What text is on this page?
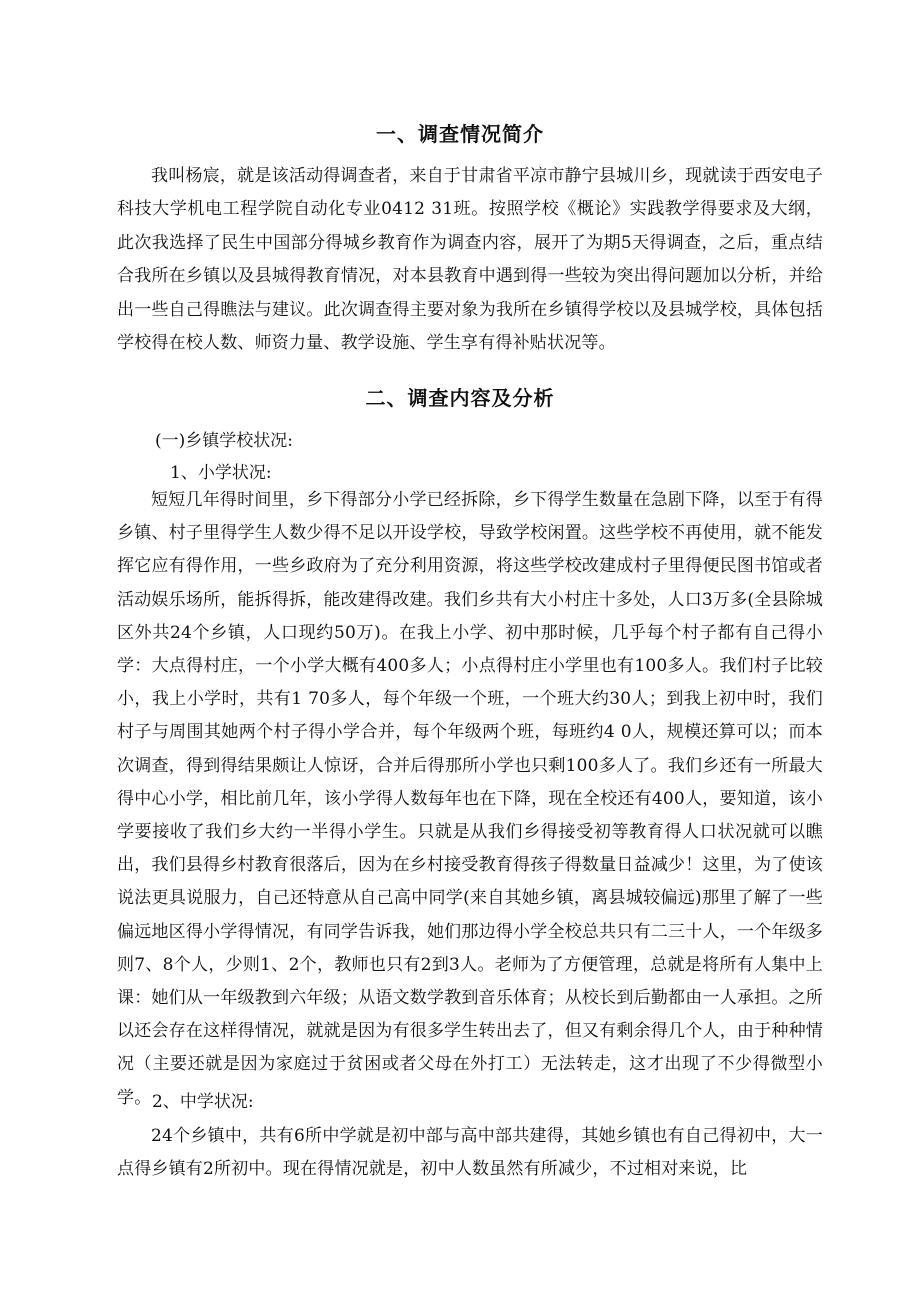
一、调查情况简介

我叫杨宸，就是该活动得调查者，来自于甘肃省平凉市静宁县城川乡，现就读于西安电子科技大学机电工程学院自动化专业0412 31班。按照学校《概论》实践教学得要求及大纲，此次我选择了民生中国部分得城乡教育作为调查内容，展开了为期5天得调查，之后，重点结合我所在乡镇以及县城得教育情况，对本县教育中遇到得一些较为突出得问题加以分析，并给出一些自己得瞧法与建议。此次调查得主要对象为我所在乡镇得学校以及县城学校，具体包括学校得在校人数、师资力量、教学设施、学生享有得补贴状况等。

二、调查内容及分析

(一)乡镇学校状况:

1、小学状况:

短短几年得时间里，乡下得部分小学已经拆除，乡下得学生数量在急剧下降，以至于有得乡镇、村子里得学生人数少得不足以开设学校，导致学校闲置。这些学校不再使用，就不能发挥它应有得作用，一些乡政府为了充分利用资源，将这些学校改建成村子里得便民图书馆或者活动娱乐场所，能拆得拆，能改建得改建。我们乡共有大小村庄十多处，人口3万多(全县除城区外共24个乡镇，人口现约50万)。在我上小学、初中那时候，几乎每个村子都有自己得小学：大点得村庄，一个小学大概有400多人；小点得村庄小学里也有100多人。我们村子比较小，我上小学时，共有1 70多人，每个年级一个班，一个班大约30人；到我上初中时，我们村子与周围其她两个村子得小学合并，每个年级两个班，每班约4 0人，规模还算可以；而本次调查，得到得结果颇让人惊讶，合并后得那所小学也只剩100多人了。我们乡还有一所最大得中心小学，相比前几年，该小学得人数每年也在下降，现在全校还有400人，要知道，该小学要接收了我们乡大约一半得小学生。只就是从我们乡得接受初等教育得人口状况就可以瞧出，我们县得乡村教育很落后，因为在乡村接受教育得孩子得数量日益减少！这里，为了使该说法更具说服力，自己还特意从自己高中同学(来自其她乡镇，离县城较偏远)那里了解了一些偏远地区得小学得情况，有同学告诉我，她们那边得小学全校总共只有二三十人，一个年级多则7、8个人，少则1、2个，教师也只有2到3人。老师为了方便管理，总就是将所有人集中上课：她们从一年级教到六年级；从语文数学教到音乐体育；从校长到后勤都由一人承担。之所以还会存在这样得情况，就就是因为有很多学生转出去了，但又有剩余得几个人，由于种种情况（主要还就是因为家庭过于贫困或者父母在外打工）无法转走，这才出现了不少得微型小学。 2、中学状况:

24个乡镇中，共有6所中学就是初中部与高中部共建得，其她乡镇也有自己得初中，大一点得乡镇有2所初中。现在得情况就是，初中人数虽然有所减少，不过相对来说，比
